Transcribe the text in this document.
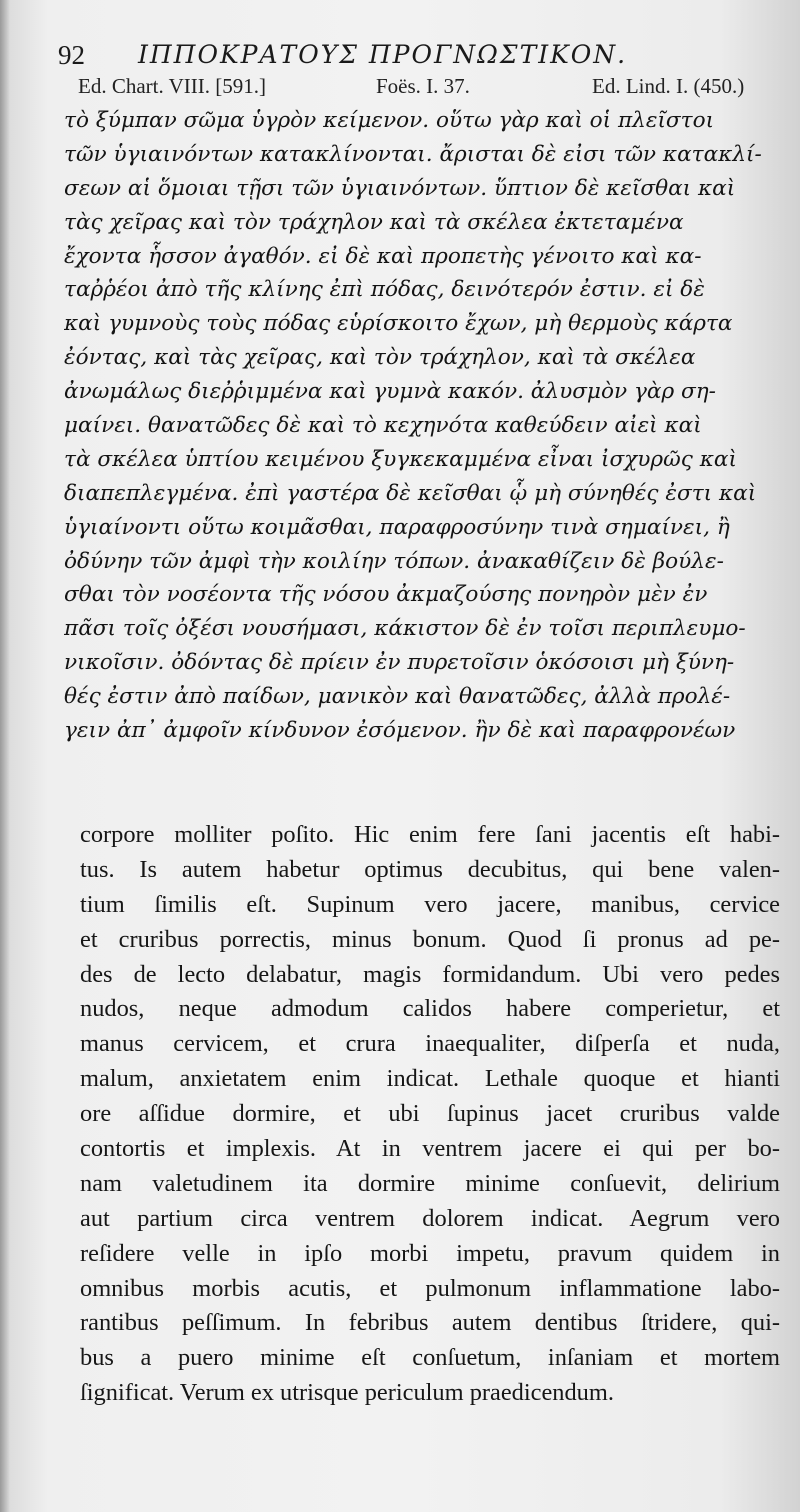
92 ΙΠΠΟΚΡΑΤΟΥΣ ΠΡΟΓΝΩΣΤΙΚΟΝ.
Ed. Chart. VIII. [591.]	Foës. I. 37.	Ed. Lind. I. (450.)
τὸ ξύμπαν σῶμα ὑγρὸν κείμενον. οὕτω γὰρ καὶ οἱ πλεῖστοι
τῶν ὑγιαινόντων κατακλίνονται. ἄρισται δὲ εἰσι τῶν κατακλί-
σεων αἱ ὅμοιαι τῇσι τῶν ὑγιαινόντων. ὕπτιον δὲ κεῖσθαι καὶ
τὰς χεῖρας καὶ τὸν τράχηλον καὶ τὰ σκέλεα ἐκτεταμένα
ἔχοντα ἧσσον ἀγαθόν. εἰ δὲ καὶ προπετὴς γένοιτο καὶ κα-
ταῤῥέοι ἀπὸ τῆς κλίνης ἐπὶ πόδας, δεινότερόν ἐστιν. εἰ δὲ
καὶ γυμνοὺς τοὺς πόδας εὑρίσκοιτο ἔχων, μὴ θερμοὺς κάρτα
ἐόντας, καὶ τὰς χεῖρας, καὶ τὸν τράχηλον, καὶ τὰ σκέλεα
ἀνωμάλως διεῤῥιμμένα καὶ γυμνὰ κακόν. ἀλυσμὸν γὰρ ση-
μαίνει. θανατῶδες δὲ καὶ τὸ κεχηνότα καθεύδειν αἰεὶ καὶ
τὰ σκέλεα ὑπτίου κειμένου ξυγκεκαμμένα εἶναι ἰσχυρῶς καὶ
διαπεπλεγμένα. ἐπὶ γαστέρα δὲ κεῖσθαι ᾧ μὴ σύνηθές ἐστι καὶ
ὑγιαίνοντι οὕτω κοιμᾶσθαι, παραφροσύνην τινὰ σημαίνει, ἢ
ὀδύνην τῶν ἀμφὶ τὴν κοιλίην τόπων. ἀνακαθίζειν δὲ βούλε-
σθαι τὸν νοσέοντα τῆς νόσου ἀκμαζούσης πονηρὸν μὲν ἐν
πᾶσι τοῖς ὀξέσι νουσήμασι, κάκιστον δὲ ἐν τοῖσι περιπλευμο-
νικοῖσιν. ὀδόντας δὲ πρίειν ἐν πυρετοῖσιν ὁκόσοισι μὴ ξύνη-
θές ἐστιν ἀπὸ παίδων, μανικὸν καὶ θανατῶδες, ἀλλὰ προλέ-
γειν ἀπ᾿ ἀμφοῖν κίνδυνον ἐσόμενον. ἢν δὲ καὶ παραφρονέων
corpore molliter poſito. Hic enim fere ſani jacentis eſt habi-
tus. Is autem habetur optimus decubitus, qui bene valen-
tium ſimilis eſt. Supinum vero jacere, manibus, cervice
et cruribus porrectis, minus bonum. Quod ſi pronus ad pe-
des de lecto delabatur, magis formidandum. Ubi vero pedes
nudos, neque admodum calidos habere comperietur, et
manus cervicem, et crura inaequaliter, diſperſa et nuda,
malum, anxietatem enim indicat. Lethale quoque et hianti
ore aſſidue dormire, et ubi ſupinus jacet cruribus valde
contortis et implexis. At in ventrem jacere ei qui per bo-
nam valetudinem ita dormire minime conſuevit, delirium
aut partium circa ventrem dolorem indicat. Aegrum vero
reſidere velle in ipſo morbi impetu, pravum quidem in
omnibus morbis acutis, et pulmonum inflammatione labo-
rantibus peſſimum. In febribus autem dentibus ſtridere, qui-
bus a puero minime eſt conſuetum, inſaniam et mortem
ſignificat. Verum ex utrisque periculum praedicendum.
